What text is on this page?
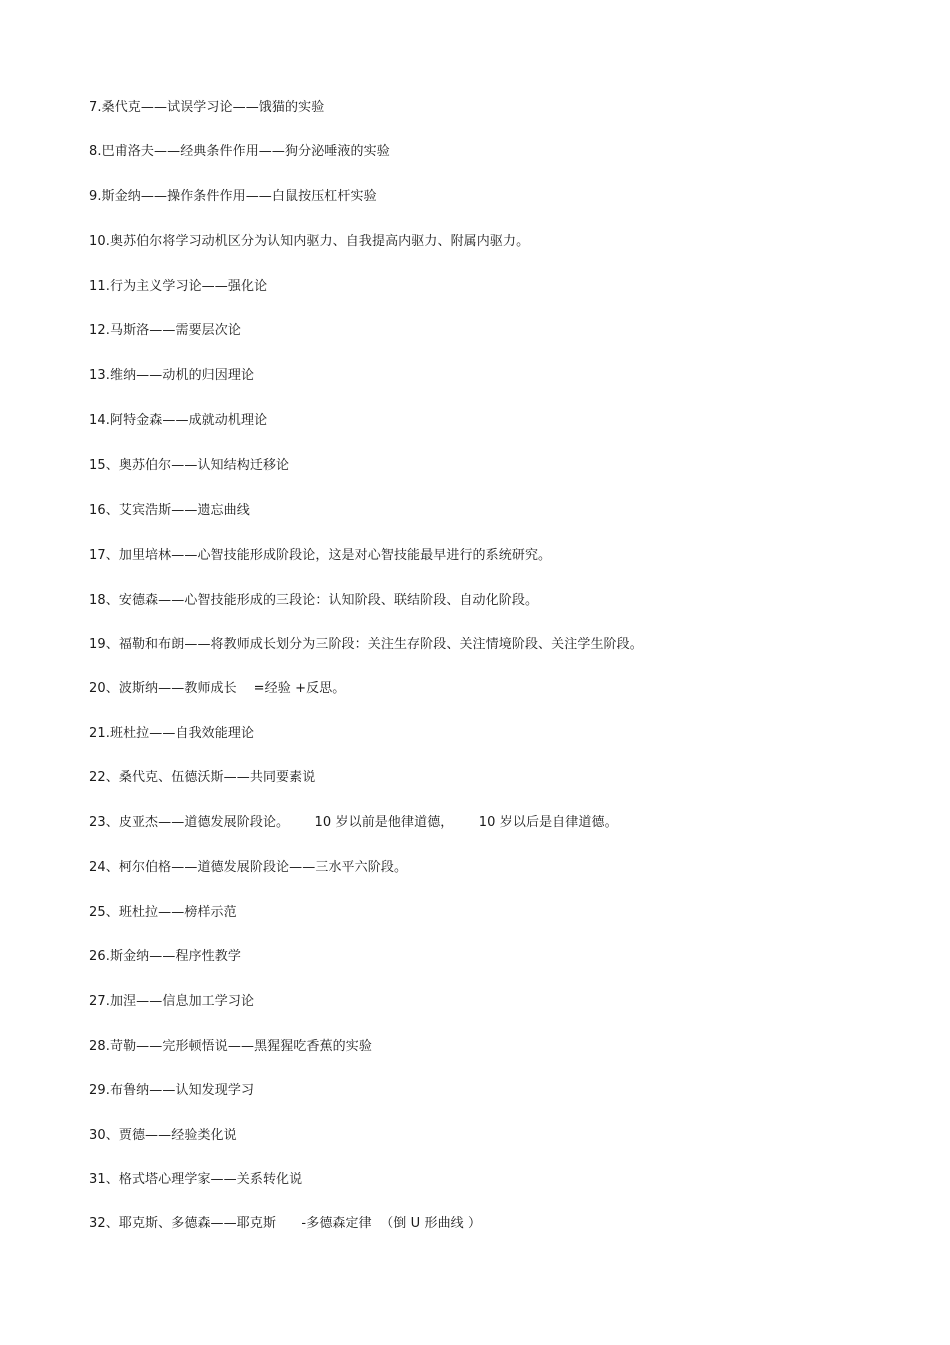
7.桑代克——试误学习论——饿猫的实验
8.巴甫洛夫——经典条件作用——狗分泌唾液的实验
9.斯金纳——操作条件作用——白鼠按压杠杆实验
10.奥苏伯尔将学习动机区分为认知内驱力、自我提高内驱力、附属内驱力。
11.行为主义学习论——强化论
12.马斯洛——需要层次论
13.维纳——动机的归因理论
14.阿特金森——成就动机理论
15、奥苏伯尔——认知结构迁移论
16、艾宾浩斯——遗忘曲线
17、加里培林——心智技能形成阶段论，这是对心智技能最早进行的系统研究。
18、安德森——心智技能形成的三段论：认知阶段、联结阶段、自动化阶段。
19、福勒和布朗——将教师成长划分为三阶段：关注生存阶段、关注情境阶段、关注学生阶段。
20、波斯纳——教师成长    =经验 +反思。
21.班杜拉——自我效能理论
22、桑代克、伍德沃斯——共同要素说
23、皮亚杰——道德发展阶段论。      10 岁以前是他律道德，      10 岁以后是自律道德。
24、柯尔伯格——道德发展阶段论——三水平六阶段。
25、班杜拉——榜样示范
26.斯金纳——程序性教学
27.加涅——信息加工学习论
28.苛勒——完形顿悟说——黑猩猩吃香蕉的实验
29.布鲁纳——认知发现学习
30、贾德——经验类化说
31、格式塔心理学家——关系转化说
32、耶克斯、多德森——耶克斯      -多德森定律  （倒 U 形曲线 ）
